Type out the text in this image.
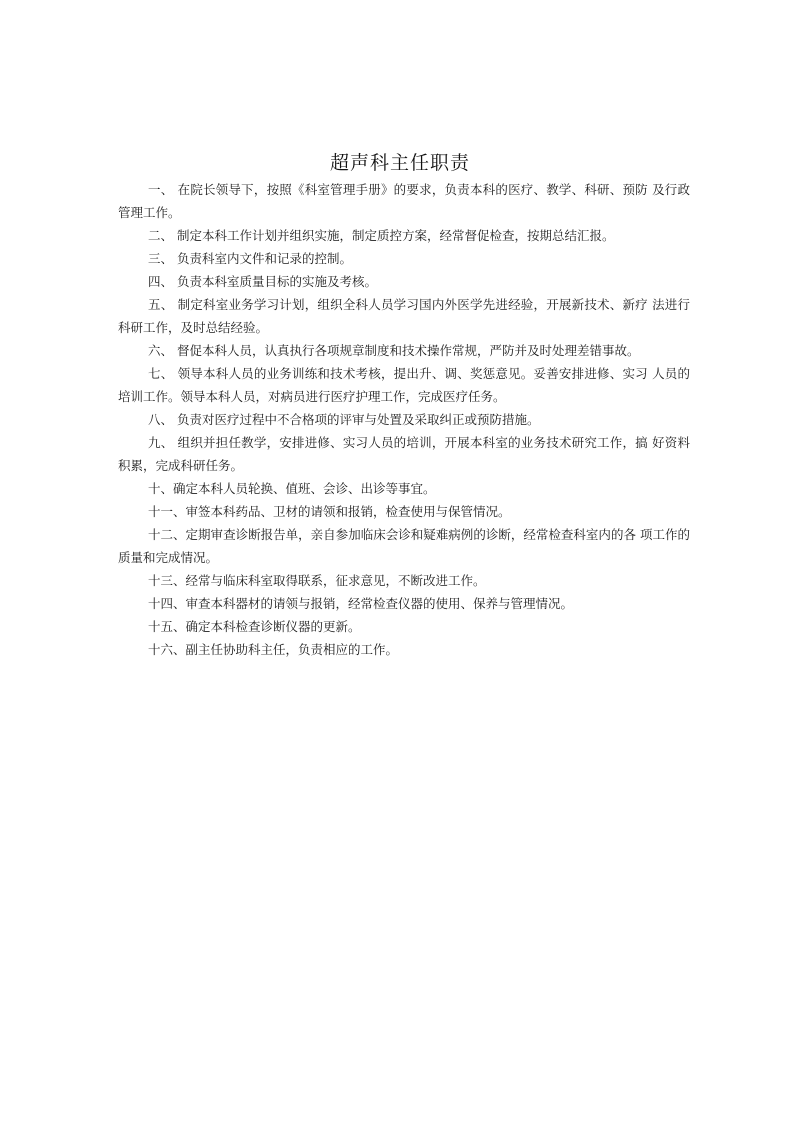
超声科主任职责

一、 在院长领导下，按照《科室管理手册》的要求，负责本科的医疗、教学、科研、预防 及行政管理工作。

二、 制定本科工作计划并组织实施，制定质控方案，经常督促检查，按期总结汇报。

三、 负责科室内文件和记录的控制。

四、 负责本科室质量目标的实施及考核。

五、 制定科室业务学习计划，组织全科人员学习国内外医学先进经验，开展新技术、新疗 法进行科研工作，及时总结经验。

六、 督促本科人员，认真执行各项规章制度和技术操作常规，严防并及时处理差错事故。

七、 领导本科人员的业务训练和技术考核，提出升、调、奖惩意见。妥善安排进修、实习 人员的培训工作。领导本科人员，对病员进行医疗护理工作，完成医疗任务。

八、 负责对医疗过程中不合格项的评审与处置及采取纠正或预防措施。

九、 组织并担任教学，安排进修、实习人员的培训，开展本科室的业务技术研究工作，搞 好资料积累，完成科研任务。

十、确定本科人员轮换、值班、会诊、出诊等事宜。

十一、审签本科药品、卫材的请领和报销，检查使用与保管情况。

十二、定期审查诊断报告单，亲自参加临床会诊和疑难病例的诊断，经常检查科室内的各 项工作的质量和完成情况。

十三、经常与临床科室取得联系，征求意见，不断改进工作。

十四、审查本科器材的请领与报销，经常检查仪器的使用、保养与管理情况。

十五、确定本科检查诊断仪器的更新。

十六、副主任协助科主任，负责相应的工作。
